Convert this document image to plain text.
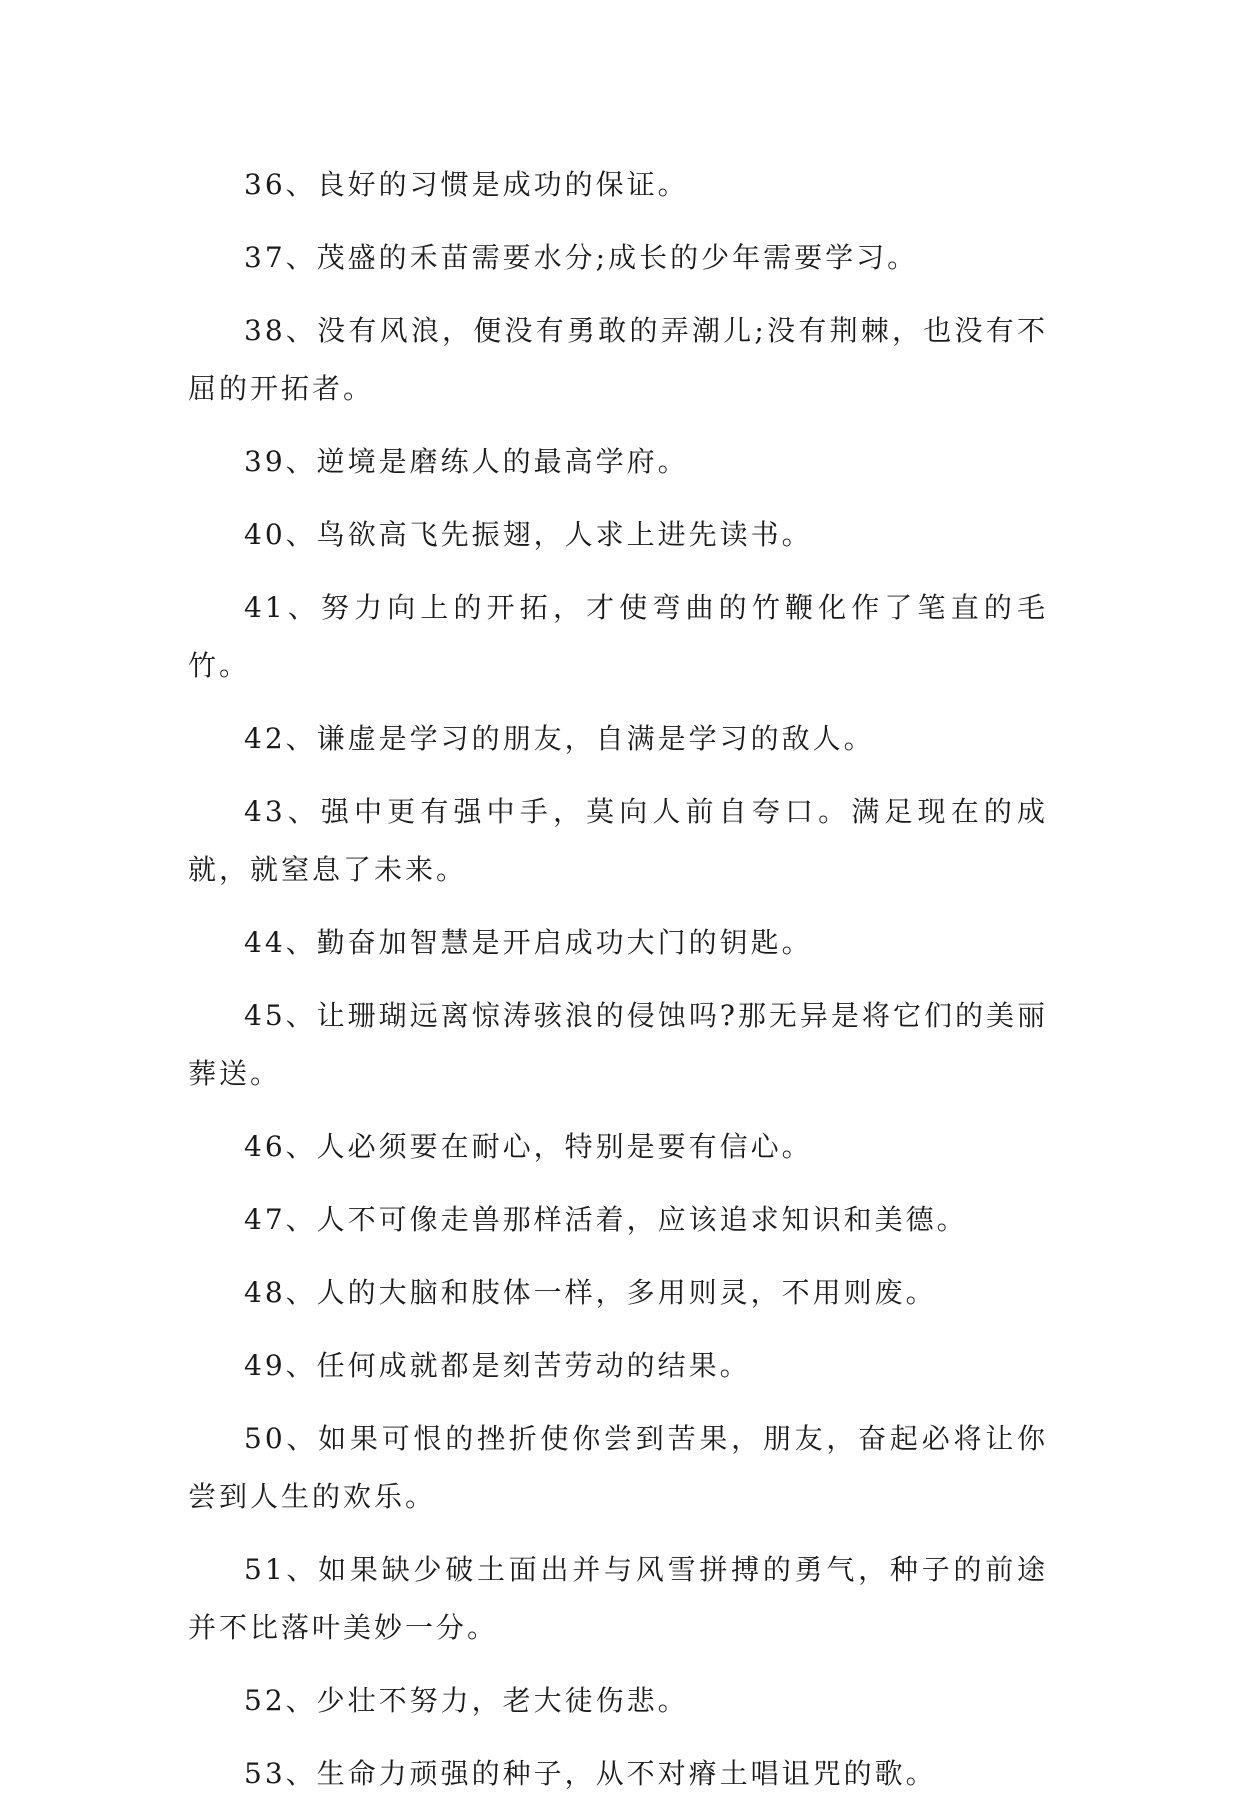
36、良好的习惯是成功的保证。

37、茂盛的禾苗需要水分;成长的少年需要学习。

38、没有风浪，便没有勇敢的弄潮儿;没有荆棘，也没有不屈的开拓者。

39、逆境是磨练人的最高学府。

40、鸟欲高飞先振翅，人求上进先读书。

41、努力向上的开拓，才使弯曲的竹鞭化作了笔直的毛竹。

42、谦虚是学习的朋友，自满是学习的敌人。

43、强中更有强中手，莫向人前自夸口。满足现在的成就，就窒息了未来。

44、勤奋加智慧是开启成功大门的钥匙。

45、让珊瑚远离惊涛骇浪的侵蚀吗?那无异是将它们的美丽葬送。

46、人必须要在耐心，特别是要有信心。

47、人不可像走兽那样活着，应该追求知识和美德。

48、人的大脑和肢体一样，多用则灵，不用则废。

49、任何成就都是刻苦劳动的结果。

50、如果可恨的挫折使你尝到苦果，朋友，奋起必将让你尝到人生的欢乐。

51、如果缺少破土面出并与风雪拼搏的勇气，种子的前途并不比落叶美妙一分。

52、少壮不努力，老大徒伤悲。

53、生命力顽强的种子，从不对瘠土唱诅咒的歌。
